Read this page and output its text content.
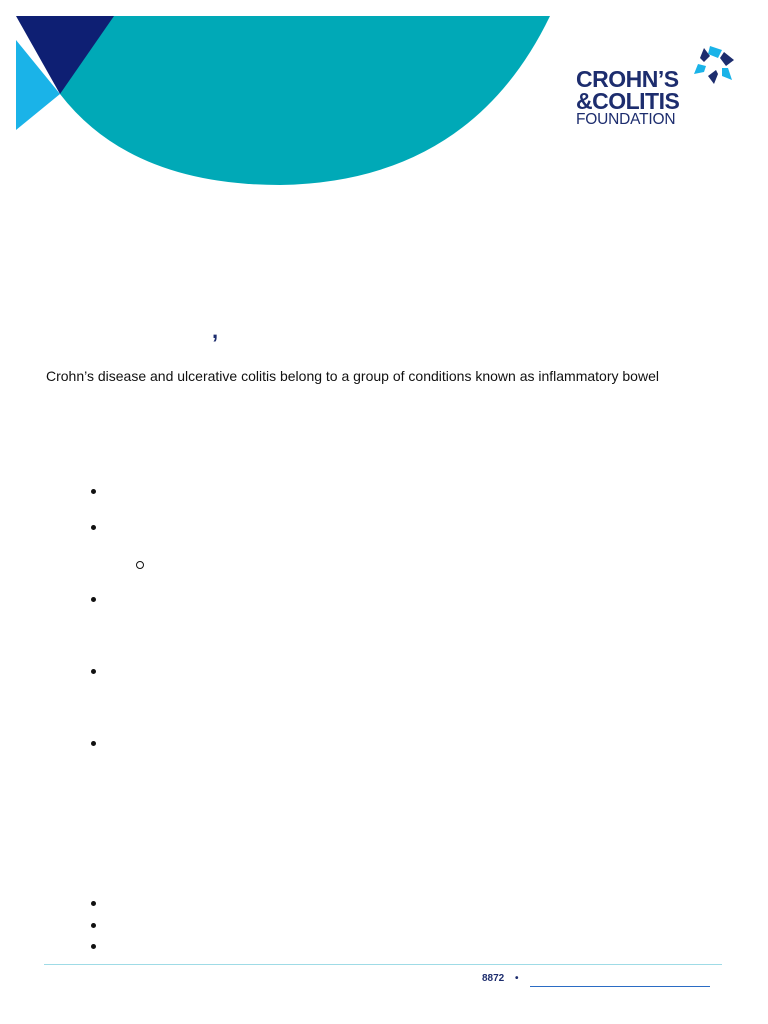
CROHN’S
&COLITIS
FOUNDATION
,
Crohn’s disease and ulcerative colitis belong to a group of conditions known as inflammatory bowel
8872 •
